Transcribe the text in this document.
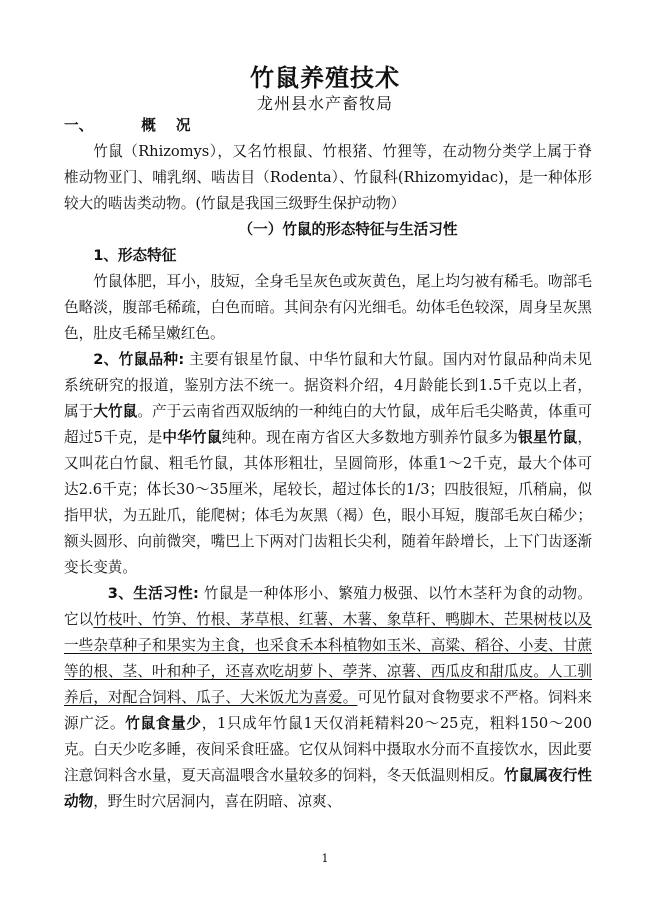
竹鼠养殖技术
龙州县水产畜牧局

一、	概 况

竹鼠（Rhizomys），又名竹根鼠、竹根猪、竹狸等，在动物分类学上属于脊椎动物亚门、哺乳纲、啮齿目（Rodenta）、竹鼠科(Rhizomyidac)，是一种体形较大的啮齿类动物。(竹鼠是我国三级野生保护动物）

（一）竹鼠的形态特征与生活习性

1、形态特征

竹鼠体肥，耳小，肢短，全身毛呈灰色或灰黄色，尾上均匀被有稀毛。吻部毛色略淡，腹部毛稀疏，白色而暗。其间杂有闪光细毛。幼体毛色较深，周身呈灰黑色，肚皮毛稀呈嫩红色。

2、竹鼠品种: 主要有银星竹鼠、中华竹鼠和大竹鼠。国内对竹鼠品种尚未见系统研究的报道，鉴别方法不统一。据资料介绍，4月龄能长到1.5千克以上者，属于大竹鼠。产于云南省西双版纳的一种纯白的大竹鼠，成年后毛尖略黄，体重可超过5千克，是中华竹鼠纯种。现在南方省区大多数地方驯养竹鼠多为银星竹鼠，又叫花白竹鼠、粗毛竹鼠，其体形粗壮，呈圆筒形，体重1～2千克，最大个体可达2.6千克；体长30～35厘米，尾较长，超过体长的1/3；四肢很短，爪稍扁，似指甲状，为五趾爪，能爬树；体毛为灰黑（褐）色，眼小耳短，腹部毛灰白稀少；额头圆形、向前微突，嘴巴上下两对门齿粗长尖利，随着年龄增长，上下门齿逐渐变长变黄。

3、生活习性: 竹鼠是一种体形小、繁殖力极强、以竹木茎秆为食的动物。它以竹枝叶、竹笋、竹根、茅草根、红薯、木薯、象草秆、鸭脚木、芒果树枝以及一些杂草种子和果实为主食，也采食禾本科植物如玉米、高粱、稻谷、小麦、甘蔗等的根、茎、叶和种子，还喜欢吃胡萝卜、荸荠、凉薯、西瓜皮和甜瓜皮。人工驯养后，对配合饲料、瓜子、大米饭尤为喜爱。可见竹鼠对食物要求不严格。饲料来源广泛。竹鼠食量少，1只成年竹鼠1天仅消耗精料20～25克，粗料150～200克。白天少吃多睡，夜间采食旺盛。它仅从饲料中摄取水分而不直接饮水，因此要注意饲料含水量，夏天高温喂含水量较多的饲料，冬天低温则相反。竹鼠属夜行性动物，野生时穴居洞内，喜在阴暗、凉爽、

1
